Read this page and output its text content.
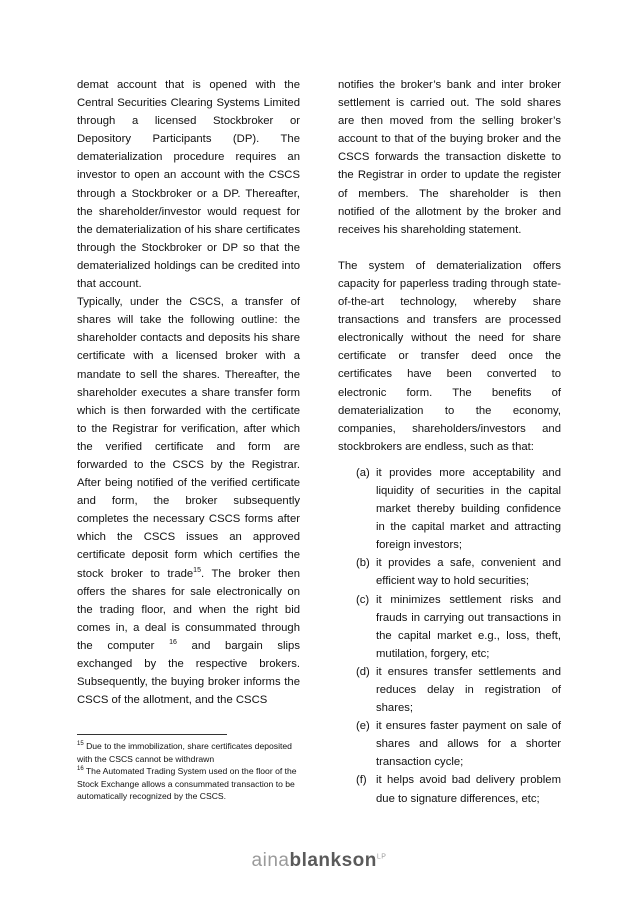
demat account that is opened with the Central Securities Clearing Systems Limited through a licensed Stockbroker or Depository Participants (DP). The dematerialization procedure requires an investor to open an account with the CSCS through a Stockbroker or a DP. Thereafter, the shareholder/investor would request for the dematerialization of his share certificates through the Stockbroker or DP so that the dematerialized holdings can be credited into that account.

Typically, under the CSCS, a transfer of shares will take the following outline: the shareholder contacts and deposits his share certificate with a licensed broker with a mandate to sell the shares. Thereafter, the shareholder executes a share transfer form which is then forwarded with the certificate to the Registrar for verification, after which the verified certificate and form are forwarded to the CSCS by the Registrar. After being notified of the verified certificate and form, the broker subsequently completes the necessary CSCS forms after which the CSCS issues an approved certificate deposit form which certifies the stock broker to trade$^{15}$. The broker then offers the shares for sale electronically on the trading floor, and when the right bid comes in, a deal is consummated through the computer $^{16}$ and bargain slips exchanged by the respective brokers. Subsequently, the buying broker informs the CSCS of the allotment, and the CSCS

$^{15}$ Due to the immobilization, share certificates deposited with the CSCS cannot be withdrawn

$^{16}$ The Automated Trading System used on the floor of the Stock Exchange allows a consummated transaction to be automatically recognized by the CSCS.

notifies the broker’s bank and inter broker settlement is carried out. The sold shares are then moved from the selling broker’s account to that of the buying broker and the CSCS forwards the transaction diskette to the Registrar in order to update the register of members. The shareholder is then notified of the allotment by the broker and receives his shareholding statement.

The system of dematerialization offers capacity for paperless trading through state-of-the-art technology, whereby share transactions and transfers are processed electronically without the need for share certificate or transfer deed once the certificates have been converted to electronic form. The benefits of dematerialization to the economy, companies, shareholders/investors and stockbrokers are endless, such as that:

(a) it provides more acceptability and liquidity of securities in the capital market thereby building confidence in the capital market and attracting foreign investors;
(b) it provides a safe, convenient and efficient way to hold securities;
(c) it minimizes settlement risks and frauds in carrying out transactions in the capital market e.g., loss, theft, mutilation, forgery, etc;
(d) it ensures transfer settlements and reduces delay in registration of shares;
(e) it ensures faster payment on sale of shares and allows for a shorter transaction cycle;
(f) it helps avoid bad delivery problem due to signature differences, etc;
ainablankson$^{LP}$
